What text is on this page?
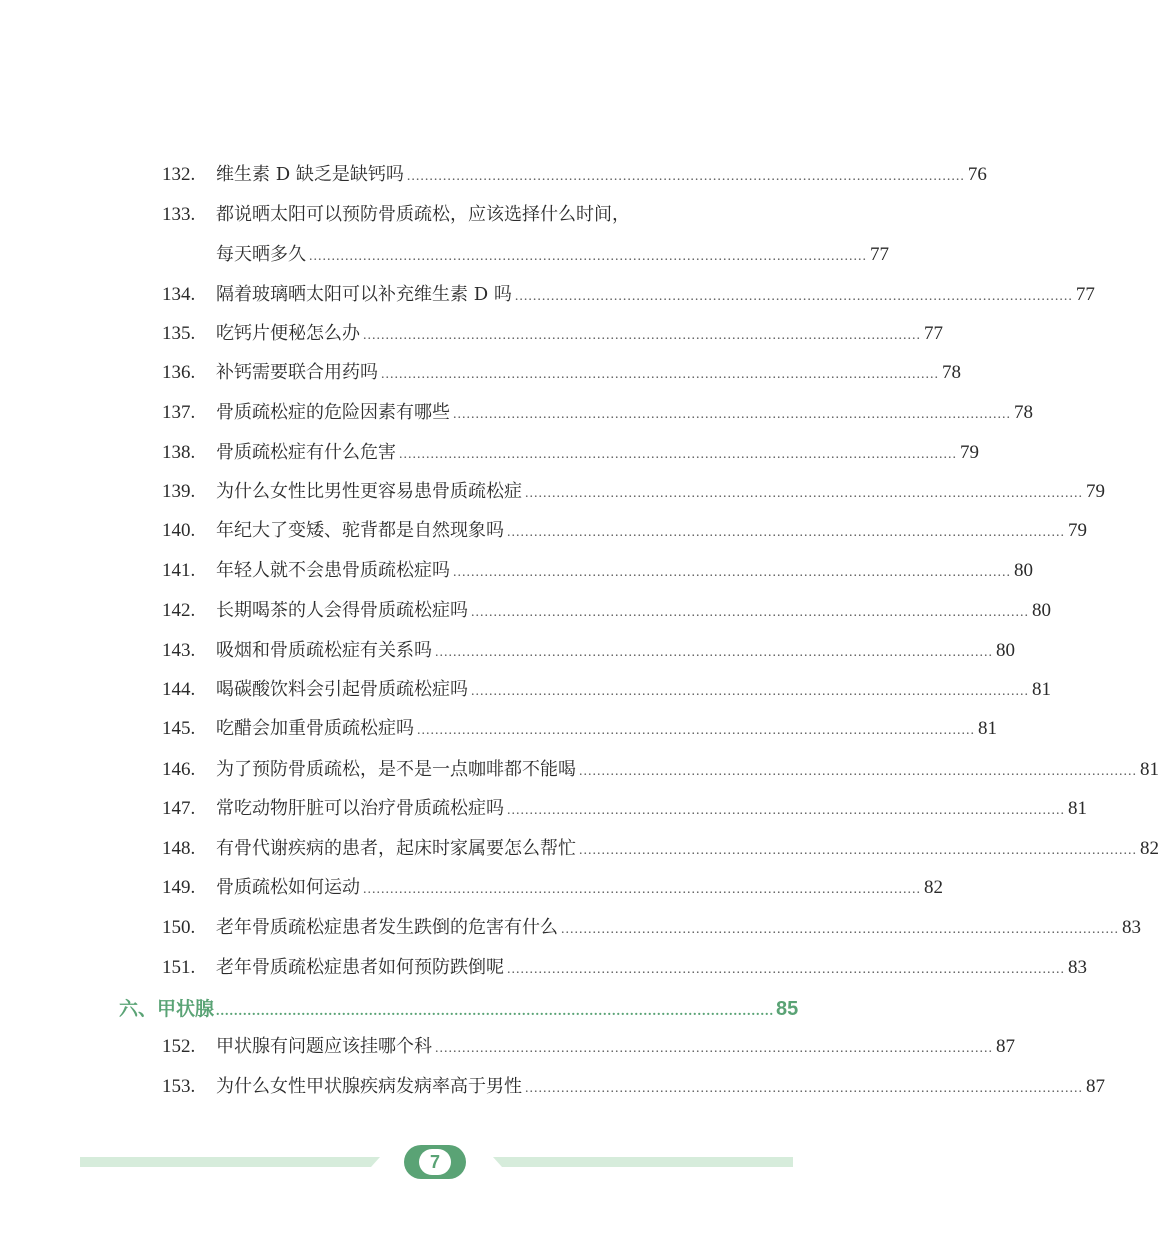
132.	维生素 D 缺乏是缺钙吗 ............................................................................................................................ 76
133.	都说晒太阳可以预防骨质疏松，应该选择什么时间，
每天晒多久 ............................................................................................................................ 77
134.	隔着玻璃晒太阳可以补充维生素 D 吗 ............................................................................................................................ 77
135.	吃钙片便秘怎么办 ............................................................................................................................ 77
136.	补钙需要联合用药吗 ............................................................................................................................ 78
137.	骨质疏松症的危险因素有哪些 ............................................................................................................................ 78
138.	骨质疏松症有什么危害 ............................................................................................................................ 79
139.	为什么女性比男性更容易患骨质疏松症 ............................................................................................................................ 79
140.	年纪大了变矮、驼背都是自然现象吗 ............................................................................................................................ 79
141.	年轻人就不会患骨质疏松症吗 ............................................................................................................................ 80
142.	长期喝茶的人会得骨质疏松症吗 ............................................................................................................................ 80
143.	吸烟和骨质疏松症有关系吗 ............................................................................................................................ 80
144.	喝碳酸饮料会引起骨质疏松症吗 ............................................................................................................................ 81
145.	吃醋会加重骨质疏松症吗 ............................................................................................................................ 81
146.	为了预防骨质疏松，是不是一点咖啡都不能喝 ............................................................................................................................ 81
147.	常吃动物肝脏可以治疗骨质疏松症吗 ............................................................................................................................ 81
148.	有骨代谢疾病的患者，起床时家属要怎么帮忙 ............................................................................................................................ 82
149.	骨质疏松如何运动 ............................................................................................................................ 82
150.	老年骨质疏松症患者发生跌倒的危害有什么 ............................................................................................................................ 83
151.	老年骨质疏松症患者如何预防跌倒呢 ............................................................................................................................ 83
六、甲状腺 ............................................................................................................................ 85
152.	甲状腺有问题应该挂哪个科 ............................................................................................................................ 87
153.	为什么女性甲状腺疾病发病率高于男性 ............................................................................................................................ 87
7
